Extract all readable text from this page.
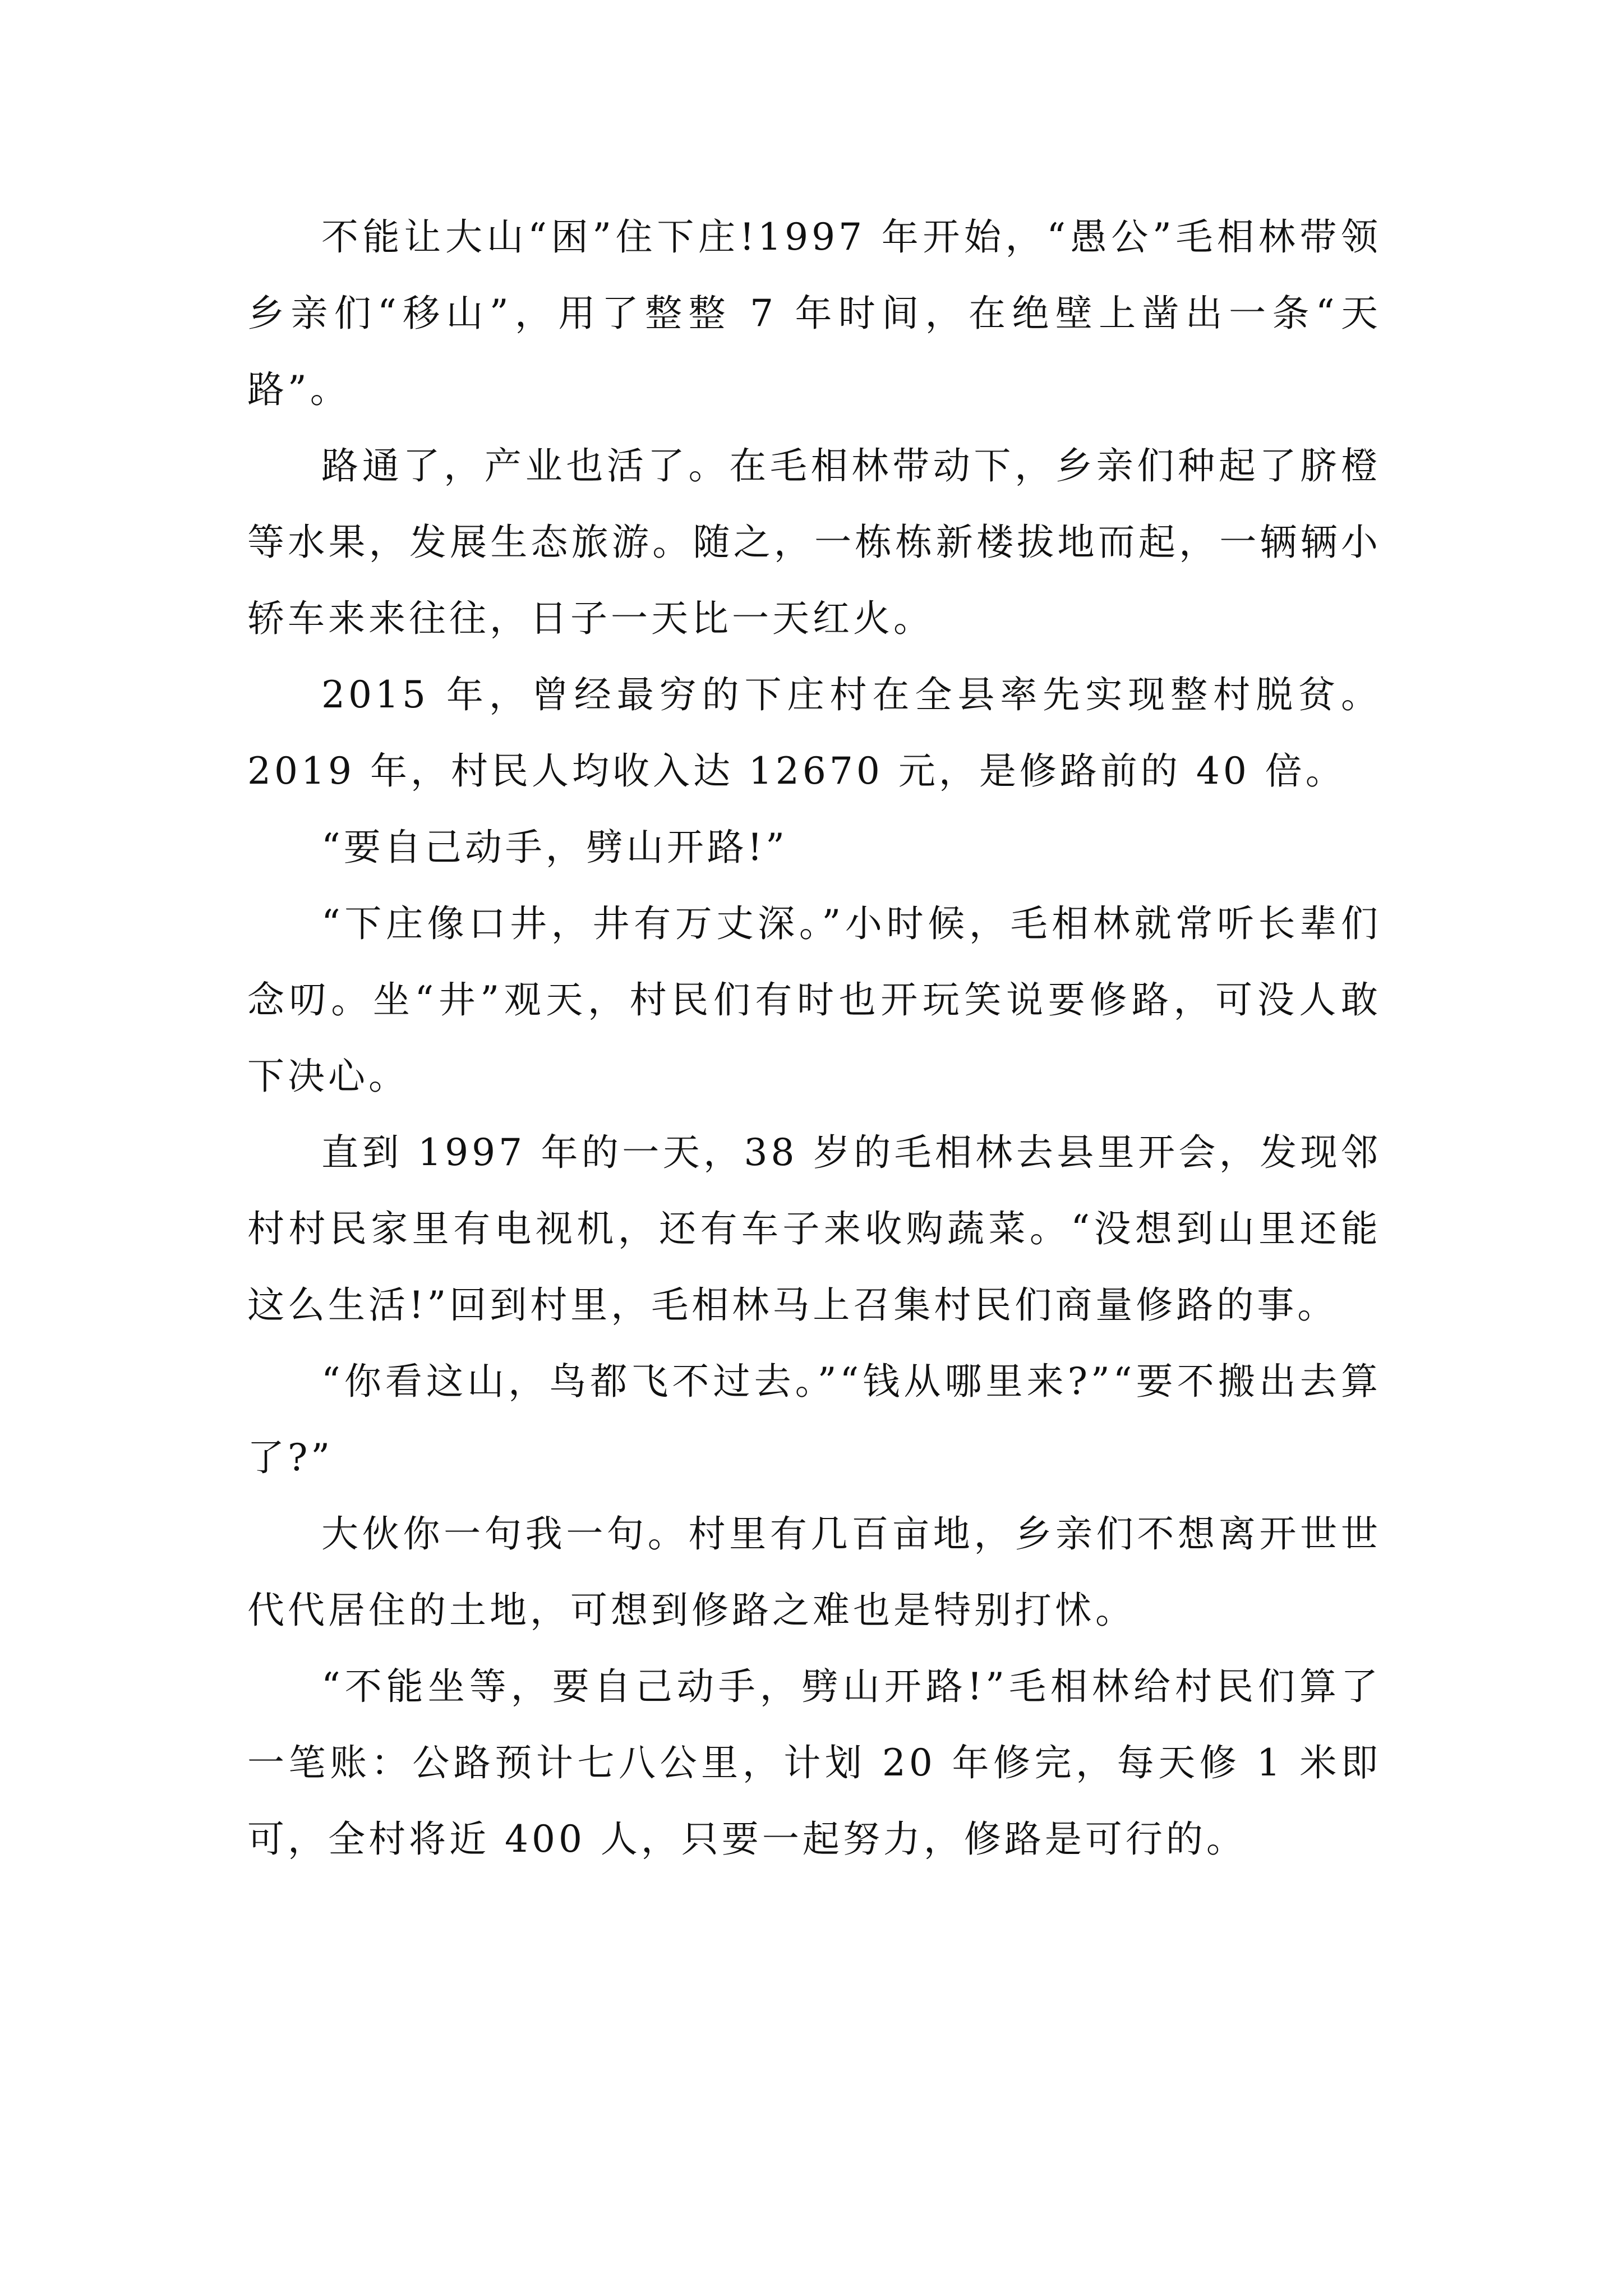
不能让大山“困”住下庄!1997 年开始，“愚公”毛相林带领乡亲们“移山”，用了整整 7 年时间，在绝壁上凿出一条“天路”。

路通了，产业也活了。在毛相林带动下，乡亲们种起了脐橙等水果，发展生态旅游。随之，一栋栋新楼拔地而起，一辆辆小轿车来来往往，日子一天比一天红火。

2015 年，曾经最穷的下庄村在全县率先实现整村脱贫。2019 年，村民人均收入达 12670 元，是修路前的 40 倍。

“要自己动手，劈山开路!”

“下庄像口井，井有万丈深。”小时候，毛相林就常听长辈们念叨。坐“井”观天，村民们有时也开玩笑说要修路，可没人敢下决心。

直到 1997 年的一天，38 岁的毛相林去县里开会，发现邻村村民家里有电视机，还有车子来收购蔬菜。“没想到山里还能这么生活!”回到村里，毛相林马上召集村民们商量修路的事。

“你看这山，鸟都飞不过去。”“钱从哪里来?”“要不搬出去算了?”

大伙你一句我一句。村里有几百亩地，乡亲们不想离开世世代代居住的土地，可想到修路之难也是特别打怵。

“不能坐等，要自己动手，劈山开路!”毛相林给村民们算了一笔账：公路预计七八公里，计划 20 年修完，每天修 1 米即可，全村将近 400 人，只要一起努力，修路是可行的。
